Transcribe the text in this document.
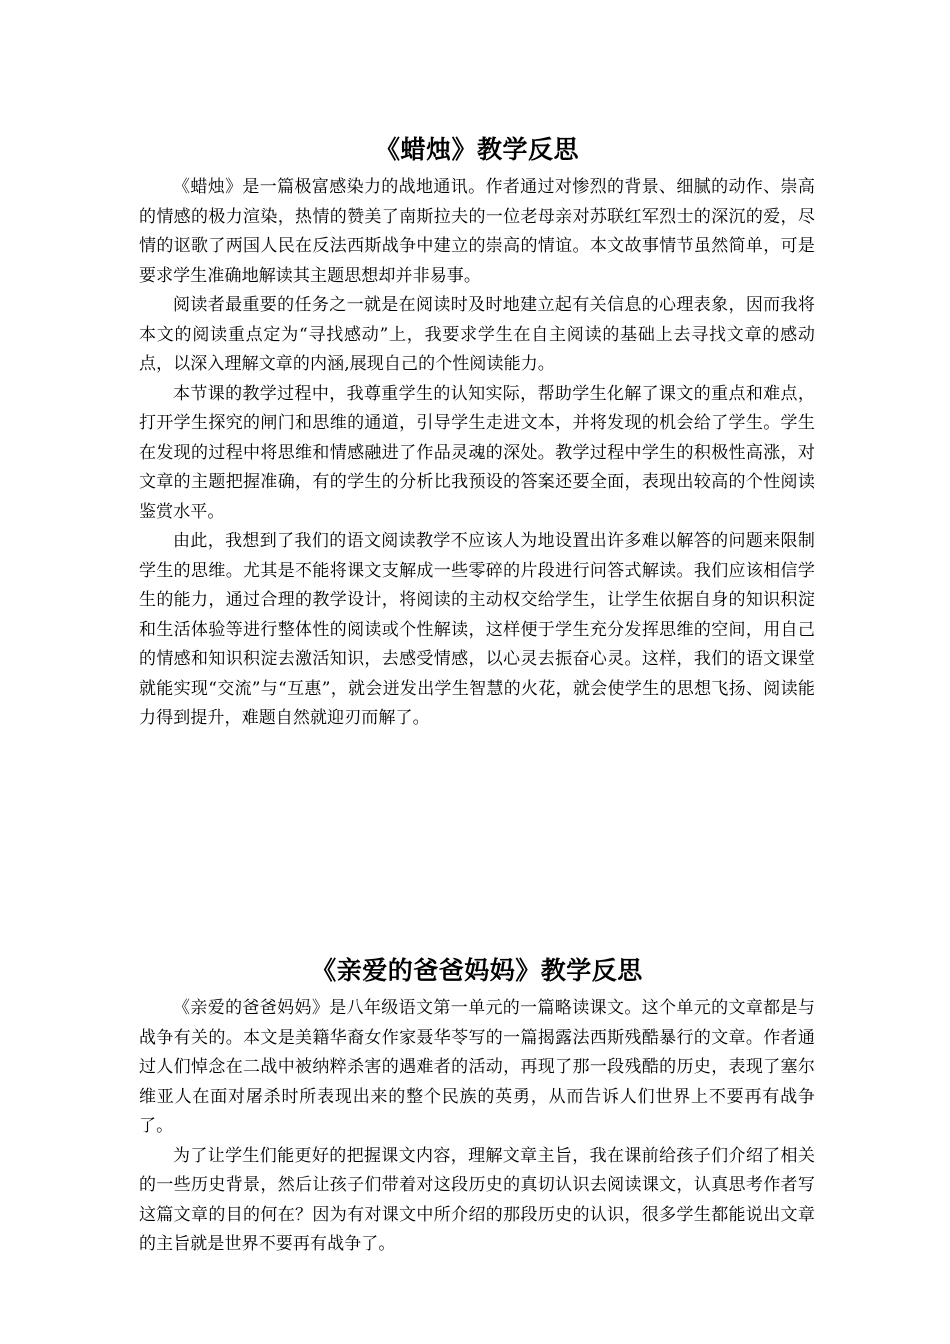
《蜡烛》教学反思

《蜡烛》是一篇极富感染力的战地通讯。作者通过对惨烈的背景、细腻的动作、崇高的情感的极力渲染，热情的赞美了南斯拉夫的一位老母亲对苏联红军烈士的深沉的爱，尽情的讴歌了两国人民在反法西斯战争中建立的崇高的情谊。本文故事情节虽然简单，可是要求学生准确地解读其主题思想却并非易事。

阅读者最重要的任务之一就是在阅读时及时地建立起有关信息的心理表象，因而我将本文的阅读重点定为“寻找感动”上，我要求学生在自主阅读的基础上去寻找文章的感动点，以深入理解文章的内涵,展现自己的个性阅读能力。

本节课的教学过程中，我尊重学生的认知实际，帮助学生化解了课文的重点和难点，打开学生探究的闸门和思维的通道，引导学生走进文本，并将发现的机会给了学生。学生在发现的过程中将思维和情感融进了作品灵魂的深处。教学过程中学生的积极性高涨，对文章的主题把握准确，有的学生的分析比我预设的答案还要全面，表现出较高的个性阅读鉴赏水平。

由此，我想到了我们的语文阅读教学不应该人为地设置出许多难以解答的问题来限制学生的思维。尤其是不能将课文支解成一些零碎的片段进行问答式解读。我们应该相信学生的能力，通过合理的教学设计，将阅读的主动权交给学生，让学生依据自身的知识积淀和生活体验等进行整体性的阅读或个性解读，这样便于学生充分发挥思维的空间，用自己的情感和知识积淀去激活知识，去感受情感，以心灵去振奋心灵。这样，我们的语文课堂就能实现“交流”与“互惠”，就会迸发出学生智慧的火花，就会使学生的思想飞扬、阅读能力得到提升，难题自然就迎刃而解了。

《亲爱的爸爸妈妈》教学反思

《亲爱的爸爸妈妈》是八年级语文第一单元的一篇略读课文。这个单元的文章都是与战争有关的。本文是美籍华裔女作家聂华苓写的一篇揭露法西斯残酷暴行的文章。作者通过人们悼念在二战中被纳粹杀害的遇难者的活动，再现了那一段残酷的历史，表现了塞尔维亚人在面对屠杀时所表现出来的整个民族的英勇，从而告诉人们世界上不要再有战争了。

为了让学生们能更好的把握课文内容，理解文章主旨，我在课前给孩子们介绍了相关的一些历史背景，然后让孩子们带着对这段历史的真切认识去阅读课文，认真思考作者写这篇文章的目的何在？因为有对课文中所介绍的那段历史的认识，很多学生都能说出文章的主旨就是世界不要再有战争了。
